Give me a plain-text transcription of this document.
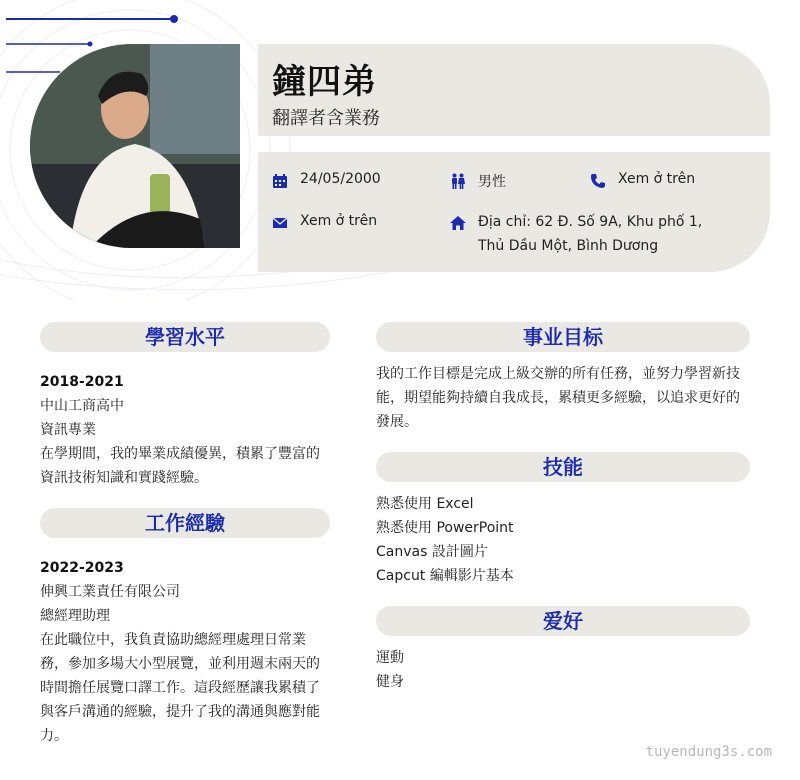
鐘四弟
翻譯者含業務
24/05/2000	男性	Xem ở trên
Xem ở trên	Địa chỉ: 62 Đ. Số 9A, Khu phố 1,
Thủ Dầu Một, Bình Dương
學習水平
2018-2021
中山工商高中
資訊專業
在學期間，我的畢業成績優異，積累了豐富的
資訊技術知識和實踐經驗。
工作經驗
2022-2023
伸興工業責任有限公司
總經理助理
在此職位中，我負責協助總經理處理日常業
務，參加多場大小型展覽，並利用週末兩天的
時間擔任展覽口譯工作。這段經歷讓我累積了
與客戶溝通的經驗，提升了我的溝通與應對能
力。
事业目标
我的工作目標是完成上級交辦的所有任務，並努力學習新技
能，期望能夠持續自我成長，累積更多經驗，以追求更好的
發展。
技能
熟悉使用 Excel
熟悉使用 PowerPoint
Canvas 設計圖片
Capcut 編輯影片基本
爱好
運動
健身
tuyendung3s.com
